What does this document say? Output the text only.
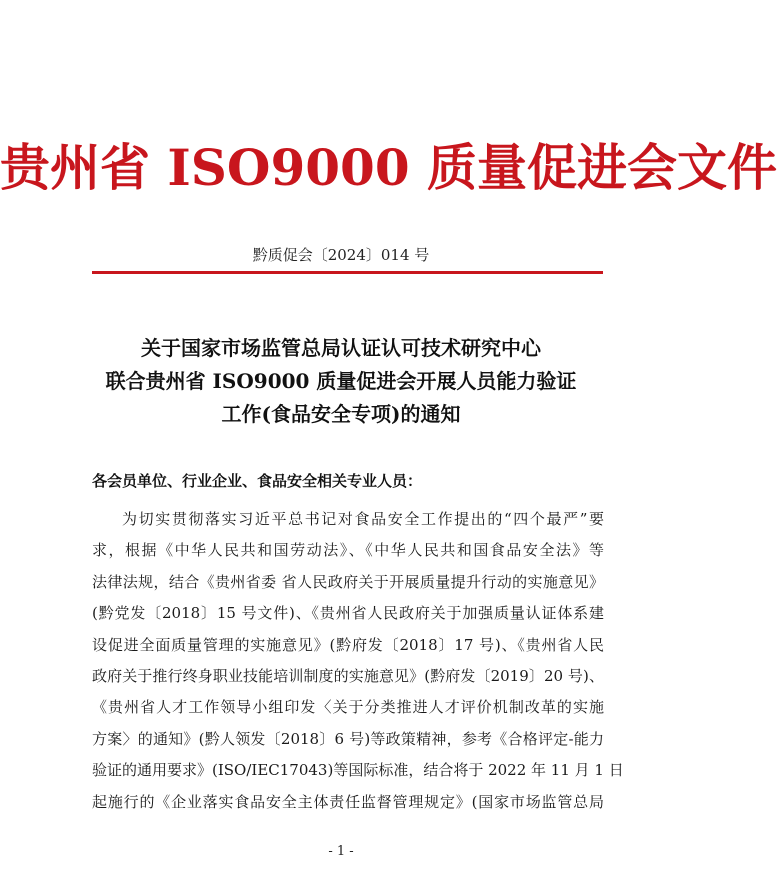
贵州省 ISO9000 质量促进会文件
黔质促会〔2024〕014 号
关于国家市场监管总局认证认可技术研究中心
联合贵州省 ISO9000 质量促进会开展人员能力验证
工作(食品安全专项)的通知
各会员单位、行业企业、食品安全相关专业人员：
为切实贯彻落实习近平总书记对食品安全工作提出的“四个最严”要
求，根据《中华人民共和国劳动法》、《中华人民共和国食品安全法》等
法律法规，结合《贵州省委 省人民政府关于开展质量提升行动的实施意见》
(黔党发〔2018〕15 号文件)、《贵州省人民政府关于加强质量认证体系建
设促进全面质量管理的实施意见》(黔府发〔2018〕17 号)、《贵州省人民
政府关于推行终身职业技能培训制度的实施意见》(黔府发〔2019〕20 号)、
《贵州省人才工作领导小组印发〈关于分类推进人才评价机制改革的实施
方案〉的通知》(黔人领发〔2018〕6 号)等政策精神，参考《合格评定-能力
验证的通用要求》(ISO/IEC17043)等国际标准，结合将于 2022 年 11 月 1 日
起施行的《企业落实食品安全主体责任监督管理规定》(国家市场监管总局
- 1 -
